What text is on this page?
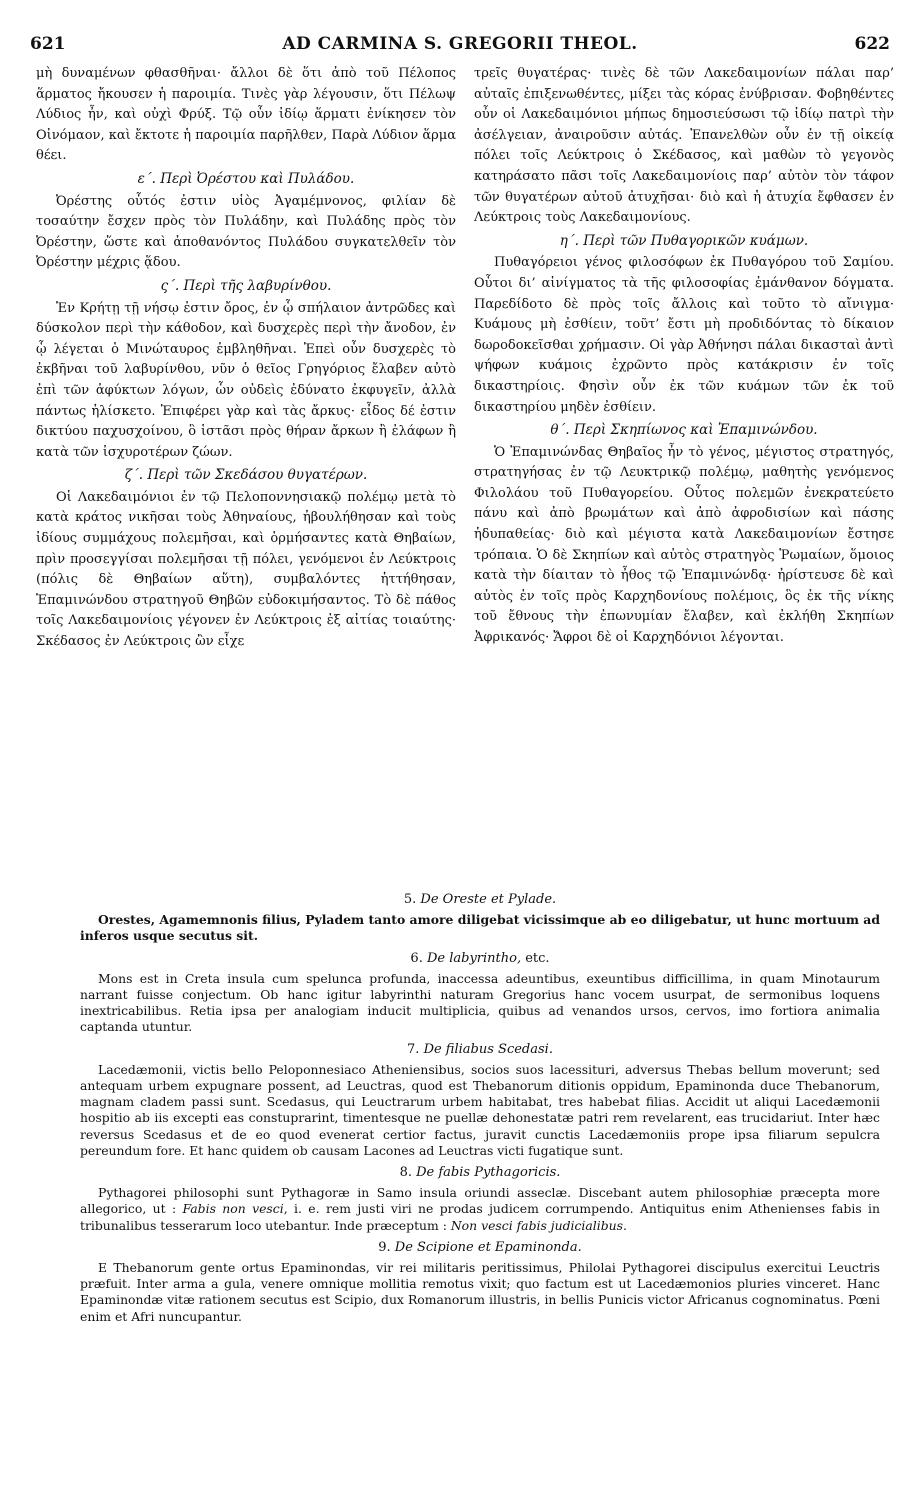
621	AD CARMINA S. GREGORII THEOL.	622

μὴ δυναμένων φθασθῆναι· ἄλλοι δὲ ὅτι ἀπὸ τοῦ Πέλοπος ἅρματος ἤκουσεν ἡ παροιμία. Τινὲς γὰρ λέγουσιν, ὅτι Πέλωψ Λύδιος ἦν, καὶ οὐχὶ Φρύξ. Τῷ οὖν ἰδίῳ ἅρματι ἐνίκησεν τὸν Οἰνόμαον, καὶ ἔκτοτε ἡ παροιμία παρῆλθεν, Παρὰ Λύδιον ἅρμα θέει.

ε΄. Περὶ Ὀρέστου καὶ Πυλάδου.

Ὀρέστης οὗτός ἐστιν υἱὸς Ἀγαμέμνονος, φιλίαν δὲ τοσαύτην ἔσχεν πρὸς τὸν Πυλάδην, καὶ Πυλάδης πρὸς τὸν Ὀρέστην, ὥστε καὶ ἀποθανόντος Πυλάδου συγκατελθεῖν τὸν Ὀρέστην μέχρις ᾅδου.

ς΄. Περὶ τῆς λαβυρίνθου.

Ἐν Κρήτῃ τῇ νήσῳ ἐστιν ὄρος, ἐν ᾧ σπήλαιον ἀντρῶδες καὶ δύσκολον περὶ τὴν κάθοδον, καὶ δυσχερὲς περὶ τὴν ἄνοδον, ἐν ᾧ λέγεται ὁ Μινώταυρος ἐμβληθῆναι. Ἐπεὶ οὖν δυσχερὲς τὸ ἐκβῆναι τοῦ λαβυρίνθου, νῦν ὁ θεῖος Γρηγόριος ἔλαβεν αὐτὸ ἐπὶ τῶν ἀφύκτων λόγων, ὧν οὐδεὶς ἐδύνατο ἐκφυγεῖν, ἀλλὰ πάντως ἡλίσκετο. Ἐπιφέρει γὰρ καὶ τὰς ἄρκυς· εἶδος δέ ἐστιν δικτύου παχυσχοίνου, ὃ ἱστᾶσι πρὸς θήραν ἄρκων ἢ ἐλάφων ἢ κατὰ τῶν ἰσχυροτέρων ζώων.

ζ΄. Περὶ τῶν Σκεδάσου θυγατέρων.

Οἱ Λακεδαιμόνιοι ἐν τῷ Πελοποννησιακῷ πολέμῳ μετὰ τὸ κατὰ κράτος νικῆσαι τοὺς Ἀθηναίους, ἠβουλήθησαν καὶ τοὺς ἰδίους συμμάχους πολεμῆσαι, καὶ ὁρμήσαντες κατὰ Θηβαίων, πρὶν προσεγγίσαι πολεμῆσαι τῇ πόλει, γενόμενοι ἐν Λεύκτροις (πόλις δὲ Θηβαίων αὕτη), συμβαλόντες ἡττήθησαν, Ἐπαμινώνδου στρατηγοῦ Θηβῶν εὐδοκιμήσαντος. Τὸ δὲ πάθος τοῖς Λακεδαιμονίοις γέγονεν ἐν Λεύκτροις ἐξ αἰτίας τοιαύτης· Σκέδασος ἐν Λεύκτροις ὢν εἶχε

τρεῖς θυγατέρας· τινὲς δὲ τῶν Λακεδαιμονίων πάλαι παρ’ αὐταῖς ἐπιξενωθέντες, μίξει τὰς κόρας ἐνύβρισαν. Φοβηθέντες οὖν οἱ Λακεδαιμόνιοι μήπως δημοσιεύσωσι τῷ ἰδίῳ πατρὶ τὴν ἀσέλγειαν, ἀναιροῦσιν αὐτάς. Ἐπανελθὼν οὖν ἐν τῇ οἰκείᾳ πόλει τοῖς Λεύκτροις ὁ Σκέδασος, καὶ μαθὼν τὸ γεγονὸς κατηράσατο πᾶσι τοῖς Λακεδαιμονίοις παρ’ αὐτὸν τὸν τάφον τῶν θυγατέρων αὐτοῦ ἀτυχῆσαι· διὸ καὶ ἡ ἀτυχία ἔφθασεν ἐν Λεύκτροις τοὺς Λακεδαιμονίους.

η΄. Περὶ τῶν Πυθαγορικῶν κυάμων.

Πυθαγόρειοι γένος φιλοσόφων ἐκ Πυθαγόρου τοῦ Σαμίου. Οὗτοι δι’ αἰνίγματος τὰ τῆς φιλοσοφίας ἐμάνθανον δόγματα. Παρεδίδοτο δὲ πρὸς τοῖς ἄλλοις καὶ τοῦτο τὸ αἴνιγμα· Κυάμους μὴ ἐσθίειν, τοῦτ’ ἔστι μὴ προδιδόντας τὸ δίκαιον δωροδοκεῖσθαι χρήμασιν. Οἱ γὰρ Ἀθήνησι πάλαι δικασταὶ ἀντὶ ψήφων κυάμοις ἐχρῶντο πρὸς κατάκρισιν ἐν τοῖς δικαστηρίοις. Φησὶν οὖν ἐκ τῶν κυάμων τῶν ἐκ τοῦ δικαστηρίου μηδὲν ἐσθίειν.

θ΄. Περὶ Σκηπίωνος καὶ Ἐπαμινώνδου.

Ὁ Ἐπαμινώνδας Θηβαῖος ἦν τὸ γένος, μέγιστος στρατηγός, στρατηγήσας ἐν τῷ Λευκτρικῷ πολέμῳ, μαθητὴς γενόμενος Φιλολάου τοῦ Πυθαγορείου. Οὗτος πολεμῶν ἐνεκρατεύετο πάνυ καὶ ἀπὸ βρωμάτων καὶ ἀπὸ ἀφροδισίων καὶ πάσης ἡδυπαθείας· διὸ καὶ μέγιστα κατὰ Λακεδαιμονίων ἔστησε τρόπαια. Ὁ δὲ Σκηπίων καὶ αὐτὸς στρατηγὸς Ῥωμαίων, ὅμοιος κατὰ τὴν δίαιταν τὸ ἦθος τῷ Ἐπαμινώνδᾳ· ἠρίστευσε δὲ καὶ αὐτὸς ἐν τοῖς πρὸς Καρχηδονίους πολέμοις, ὃς ἐκ τῆς νίκης τοῦ ἔθνους τὴν ἐπωνυμίαν ἔλαβεν, καὶ ἐκλήθη Σκηπίων Ἀφρικανός· Ἄφροι δὲ οἱ Καρχηδόνιοι λέγονται.

5. De Oreste et Pylade.

Orestes, Agamemnonis filius, Pyladem tanto amore diligebat vicissimque ab eo diligebatur, ut hunc mortuum ad inferos usque secutus sit.

6. De labyrintho, etc.

Mons est in Creta insula cum spelunca profunda, inaccessa adeuntibus, exeuntibus difficillima, in quam Minotaurum narrant fuisse conjectum. Ob hanc igitur labyrinthi naturam Gregorius hanc vocem usurpat, de sermonibus loquens inextricabilibus. Retia ipsa per analogiam inducit multiplicia, quibus ad venandos ursos, cervos, imo fortiora animalia captanda utuntur.

7. De filiabus Scedasi.

Lacedæmonii, victis bello Peloponnesiaco Atheniensibus, socios suos lacessituri, adversus Thebas bellum moverunt; sed antequam urbem expugnare possent, ad Leuctras, quod est Thebanorum ditionis oppidum, Epaminonda duce Thebanorum, magnam cladem passi sunt. Scedasus, qui Leuctrarum urbem habitabat, tres habebat filias. Accidit ut aliqui Lacedæmonii hospitio ab iis excepti eas constuprarint, timentesque ne puellæ dehonestatæ patri rem revelarent, eas trucidariut. Inter hæc reversus Scedasus et de eo quod evenerat certior factus, juravit cunctis Lacedæmoniis prope ipsa filiarum sepulcra pereundum fore. Et hanc quidem ob causam Lacones ad Leuctras victi fugatique sunt.

8. De fabis Pythagoricis.

Pythagorei philosophi sunt Pythagoræ in Samo insula oriundi asseclæ. Discebant autem philosophiæ præcepta more allegorico, ut : Fabis non vesci, i. e. rem justi viri ne prodas judicem corrumpendo. Antiquitus enim Athenienses fabis in tribunalibus tesserarum loco utebantur. Inde præceptum : Non vesci fabis judicialibus.

9. De Scipione et Epaminonda.

E Thebanorum gente ortus Epaminondas, vir rei militaris peritissimus, Philolai Pythagorei discipulus exercitui Leuctris præfuit. Inter arma a gula, venere omnique mollitia remotus vixit; quo factum est ut Lacedæmonios pluries vinceret. Hanc Epaminondæ vitæ rationem secutus est Scipio, dux Romanorum illustris, in bellis Punicis victor Africanus cognominatus. Pœni enim et Afri nuncupantur.
